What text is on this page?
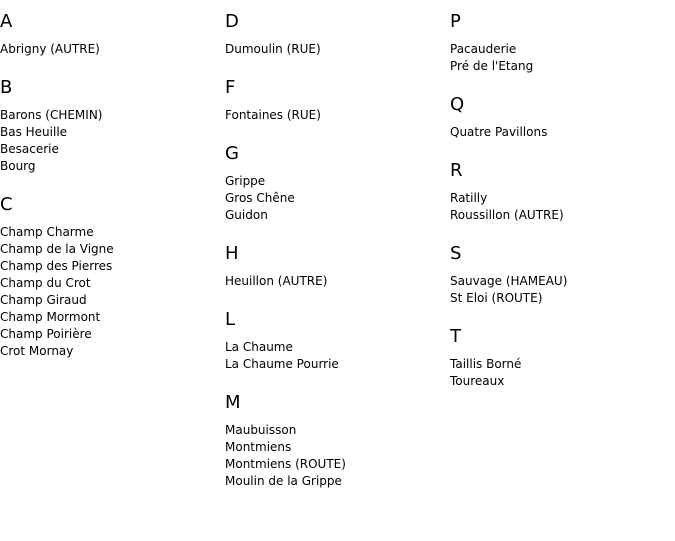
A
Abrigny (AUTRE)
B
Barons (CHEMIN)
Bas Heuille
Besacerie
Bourg
C
Champ Charme
Champ de la Vigne
Champ des Pierres
Champ du Crot
Champ Giraud
Champ Mormont
Champ Poirière
Crot Mornay
D
Dumoulin (RUE)
F
Fontaines (RUE)
G
Grippe
Gros Chêne
Guidon
H
Heuillon (AUTRE)
L
La Chaume
La Chaume Pourrie
M
Maubuisson
Montmiens
Montmiens (ROUTE)
Moulin de la Grippe
P
Pacauderie
Pré de l'Etang
Q
Quatre Pavillons
R
Ratilly
Roussillon (AUTRE)
S
Sauvage (HAMEAU)
St Eloi (ROUTE)
T
Taillis Borné
Toureaux
